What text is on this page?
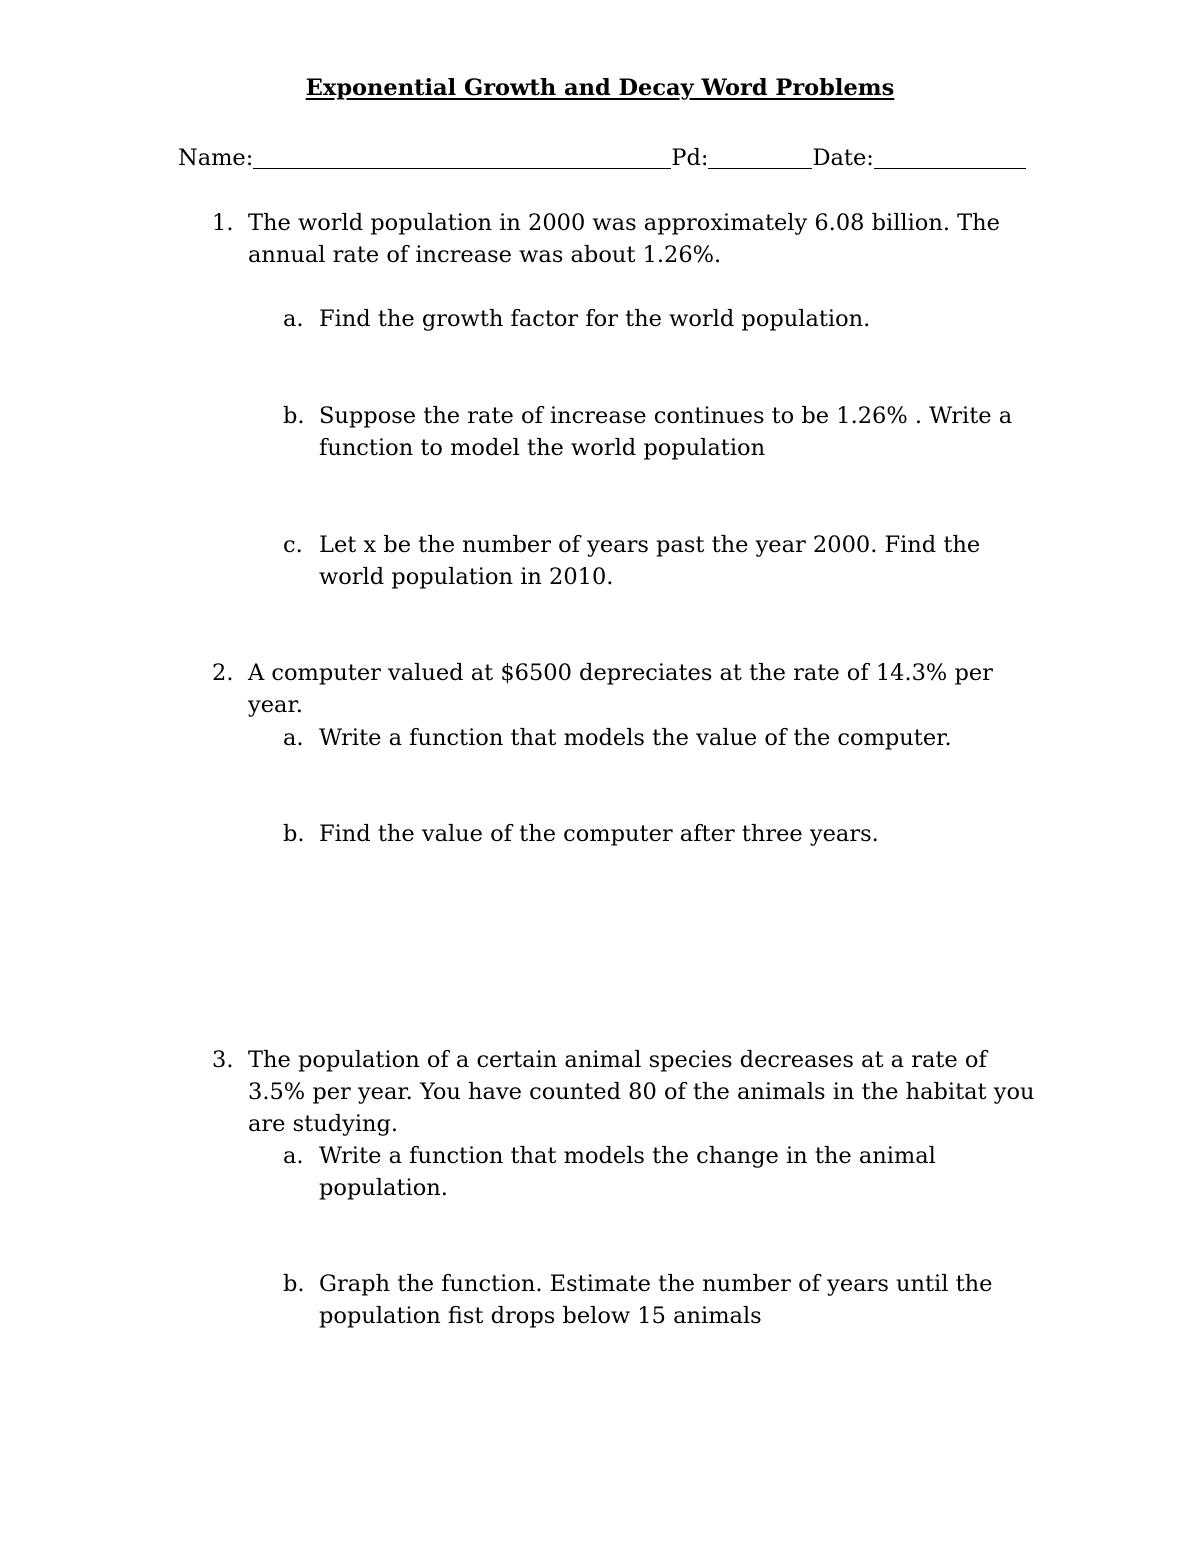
Exponential Growth and Decay Word Problems
Name:	Pd:	Date:
1. The world population in 2000 was approximately 6.08 billion. The annual rate of increase was about 1.26%.

a. Find the growth factor for the world population.

b. Suppose the rate of increase continues to be 1.26% . Write a function to model the world population

c. Let x be the number of years past the year 2000. Find the world population in 2010.

2. A computer valued at $6500 depreciates at the rate of 14.3% per year.

a. Write a function that models the value of the computer.

b. Find the value of the computer after three years.

3. The population of a certain animal species decreases at a rate of 3.5% per year. You have counted 80 of the animals in the habitat you are studying.

a. Write a function that models the change in the animal population.

b. Graph the function. Estimate the number of years until the population fist drops below 15 animals
